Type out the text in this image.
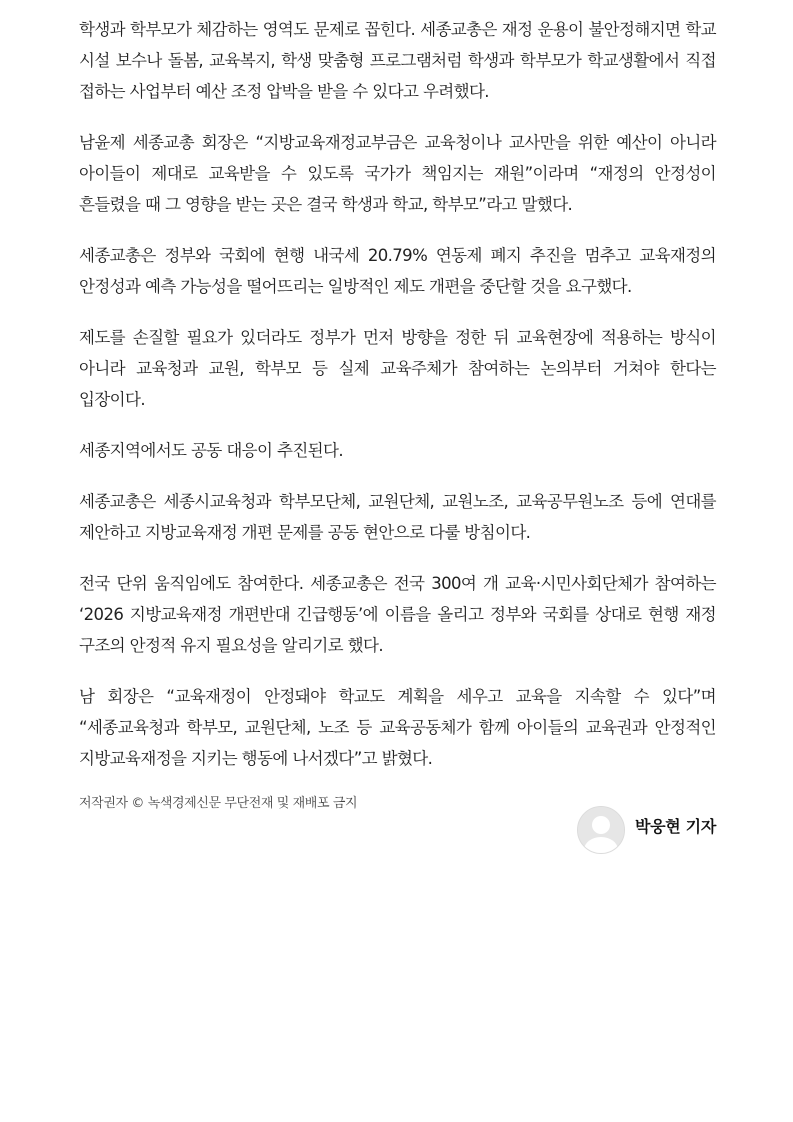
학생과 학부모가 체감하는 영역도 문제로 꼽힌다. 세종교총은 재정 운용이 불안정해지면 학교 시설 보수나 돌봄, 교육복지, 학생 맞춤형 프로그램처럼 학생과 학부모가 학교생활에서 직접 접하는 사업부터 예산 조정 압박을 받을 수 있다고 우려했다.

남윤제 세종교총 회장은 “지방교육재정교부금은 교육청이나 교사만을 위한 예산이 아니라 아이들이 제대로 교육받을 수 있도록 국가가 책임지는 재원”이라며 “재정의 안정성이 흔들렸을 때 그 영향을 받는 곳은 결국 학생과 학교, 학부모”라고 말했다.

세종교총은 정부와 국회에 현행 내국세 20.79% 연동제 폐지 추진을 멈추고 교육재정의 안정성과 예측 가능성을 떨어뜨리는 일방적인 제도 개편을 중단할 것을 요구했다.

제도를 손질할 필요가 있더라도 정부가 먼저 방향을 정한 뒤 교육현장에 적용하는 방식이 아니라 교육청과 교원, 학부모 등 실제 교육주체가 참여하는 논의부터 거쳐야 한다는 입장이다.

세종지역에서도 공동 대응이 추진된다.

세종교총은 세종시교육청과 학부모단체, 교원단체, 교원노조, 교육공무원노조 등에 연대를 제안하고 지방교육재정 개편 문제를 공동 현안으로 다룰 방침이다.

전국 단위 움직임에도 참여한다. 세종교총은 전국 300여 개 교육·시민사회단체가 참여하는 ‘2026 지방교육재정 개편반대 긴급행동’에 이름을 올리고 정부와 국회를 상대로 현행 재정 구조의 안정적 유지 필요성을 알리기로 했다.

남 회장은 “교육재정이 안정돼야 학교도 계획을 세우고 교육을 지속할 수 있다”며 “세종교육청과 학부모, 교원단체, 노조 등 교육공동체가 함께 아이들의 교육권과 안정적인 지방교육재정을 지키는 행동에 나서겠다”고 밝혔다.

저작권자 © 녹색경제신문 무단전재 및 재배포 금지

박웅현 기자
